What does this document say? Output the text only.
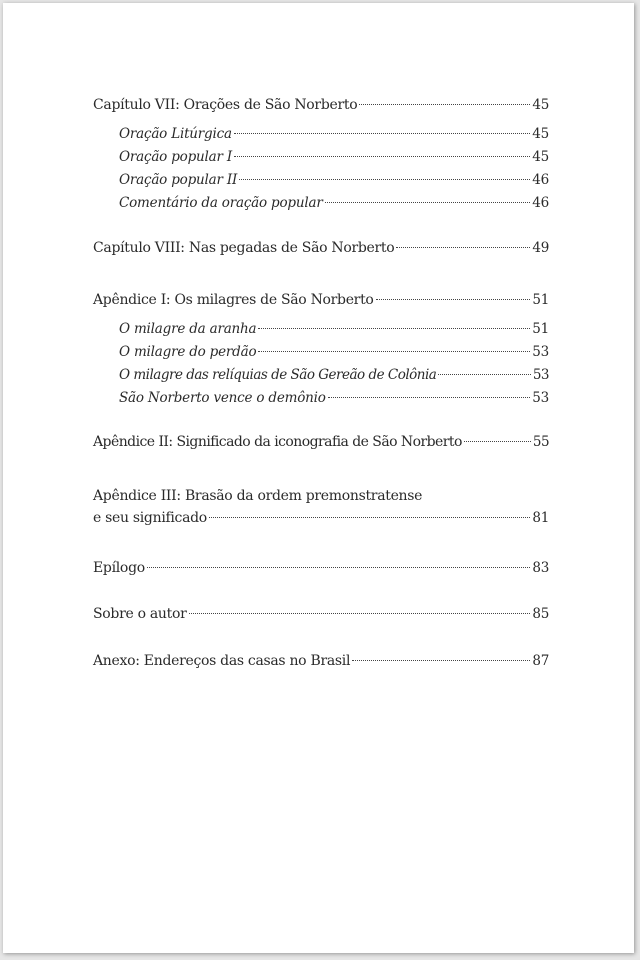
Capítulo VII: Orações de São Norberto	45
Oração Litúrgica	45
Oração popular I	45
Oração popular II	46
Comentário da oração popular	46
Capítulo VIII: Nas pegadas de São Norberto	49
Apêndice I: Os milagres de São Norberto	51
O milagre da aranha	51
O milagre do perdão	53
O milagre das relíquias de São Gereão de Colônia	53
São Norberto vence o demônio	53
Apêndice II: Significado da iconografia de São Norberto	55
Apêndice III: Brasão da ordem premonstratense
e seu significado	81
Epílogo	83
Sobre o autor	85
Anexo: Endereços das casas no Brasil	87
